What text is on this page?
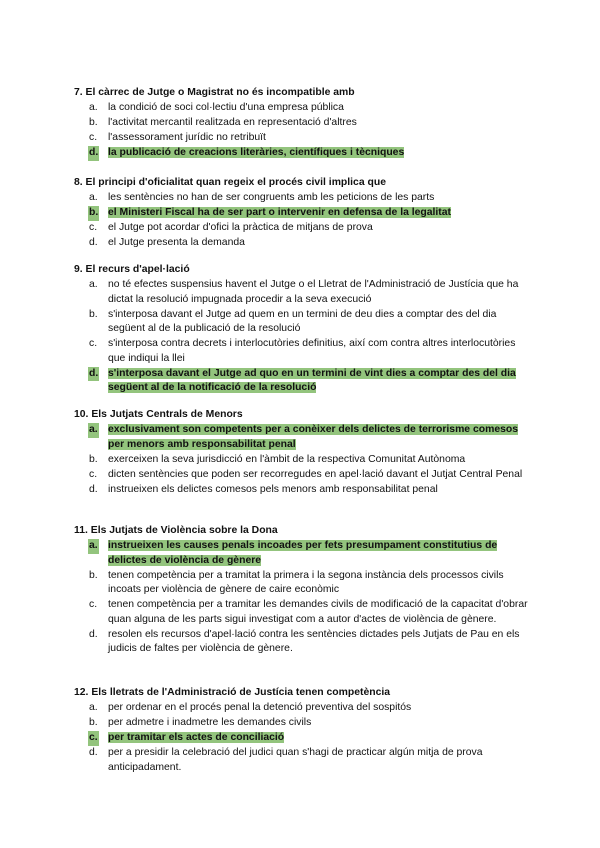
7. El càrrec de Jutge o Magistrat no és incompatible amb

a. la condició de soci col·lectiu d'una empresa pública
b. l'activitat mercantil realitzada en representació d'altres
c. l'assessorament jurídic no retribuït
d. la publicació de creacions literàries, científiques i tècniques

8. El principi d'oficialitat quan regeix el procés civil implica que

a. les sentències no han de ser congruents amb les peticions de les parts
b. el Ministeri Fiscal ha de ser part o intervenir en defensa de la legalitat
c. el Jutge pot acordar d'ofici la pràctica de mitjans de prova
d. el Jutge presenta la demanda

9. El recurs d'apel·lació

a. no té efectes suspensius havent el Jutge o el Lletrat de l'Administració de Justícia que ha dictat la resolució impugnada procedir a la seva execució
b. s'interposa davant el Jutge ad quem en un termini de deu dies a comptar des del dia següent al de la publicació de la resolució
c. s'interposa contra decrets i interlocutòries definitius, així com contra altres interlocutòries que indiqui la llei
d. s'interposa davant el Jutge ad quo en un termini de vint dies a comptar des del dia següent al de la notificació de la resolució

10. Els Jutjats Centrals de Menors

a. exclusivament son competents per a conèixer dels delictes de terrorisme comesos per menors amb responsabilitat penal
b. exerceixen la seva jurisdicció en l'àmbit de la respectiva Comunitat Autònoma
c. dicten sentències que poden ser recorregudes en apel·lació davant el Jutjat Central Penal
d. instrueixen els delictes comesos pels menors amb responsabilitat penal

11. Els Jutjats de Violència sobre la Dona

a. instrueixen les causes penals incoades per fets presumpament constitutius de delictes de violència de gènere
b. tenen competència per a tramitat la primera i la segona instància dels processos civils incoats per violència de gènere de caire econòmic
c. tenen competència per a tramitar les demandes civils de modificació de la capacitat d'obrar quan alguna de les parts sigui investigat com a autor d'actes de violència de gènere.
d. resolen els recursos d'apel·lació contra les sentències dictades pels Jutjats de Pau en els judicis de faltes per violència de gènere.

12. Els lletrats de l'Administració de Justícia tenen competència

a. per ordenar en el procés penal la detenció preventiva del sospitós
b. per admetre i inadmetre les demandes civils
c. per tramitar els actes de conciliació
d. per a presidir la celebració del judici quan s'hagi de practicar algún mitja de prova anticipadament.
